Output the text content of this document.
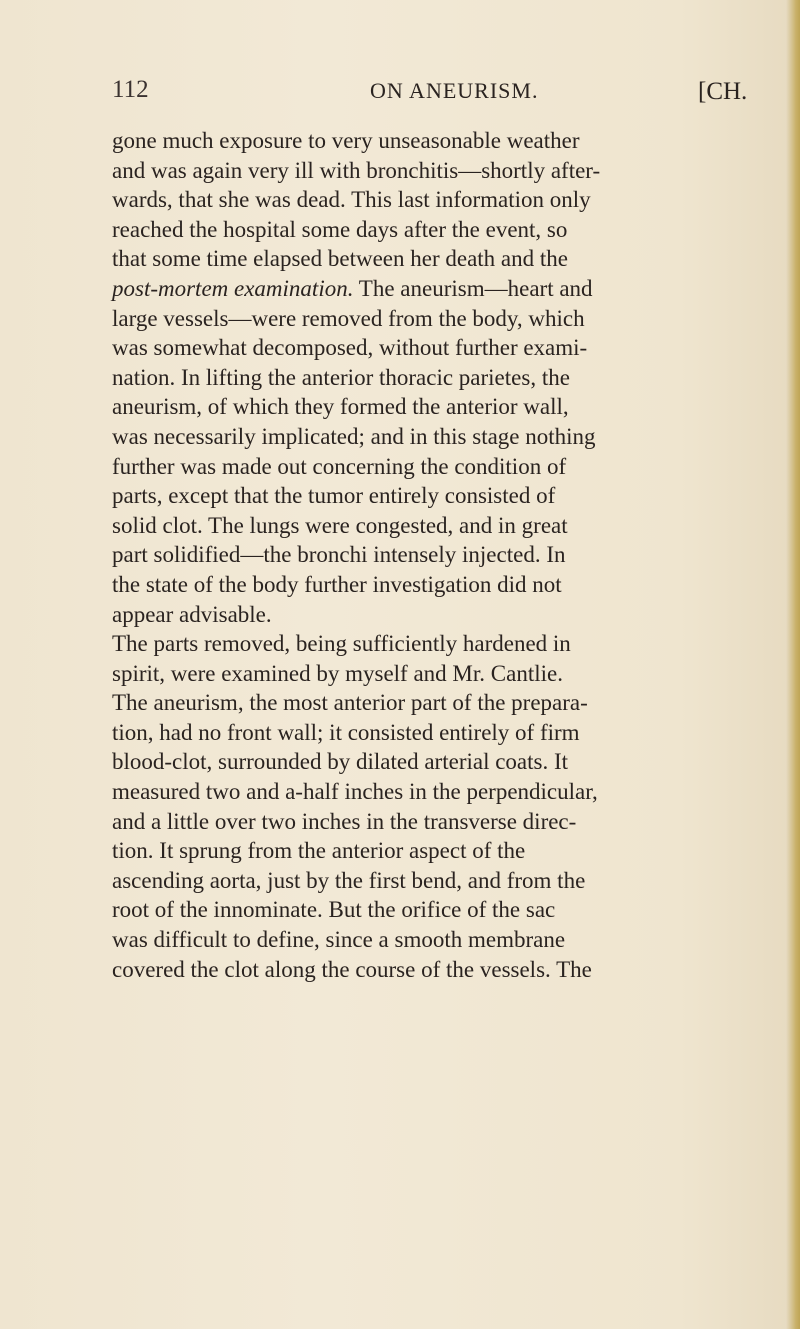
112	ON ANEURISM.	[CH.
gone much exposure to very unseasonable weather
and was again very ill with bronchitis—shortly after-
wards, that she was dead. This last information only
reached the hospital some days after the event, so
that some time elapsed between her death and the
post-mortem examination. The aneurism—heart and
large vessels—were removed from the body, which
was somewhat decomposed, without further exami-
nation. In lifting the anterior thoracic parietes, the
aneurism, of which they formed the anterior wall,
was necessarily implicated; and in this stage nothing
further was made out concerning the condition of
parts, except that the tumor entirely consisted of
solid clot. The lungs were congested, and in great
part solidified—the bronchi intensely injected. In
the state of the body further investigation did not
appear advisable.
The parts removed, being sufficiently hardened in
spirit, were examined by myself and Mr. Cantlie.
The aneurism, the most anterior part of the prepara-
tion, had no front wall; it consisted entirely of firm
blood-clot, surrounded by dilated arterial coats. It
measured two and a-half inches in the perpendicular,
and a little over two inches in the transverse direc-
tion. It sprung from the anterior aspect of the
ascending aorta, just by the first bend, and from the
root of the innominate. But the orifice of the sac
was difficult to define, since a smooth membrane
covered the clot along the course of the vessels. The
